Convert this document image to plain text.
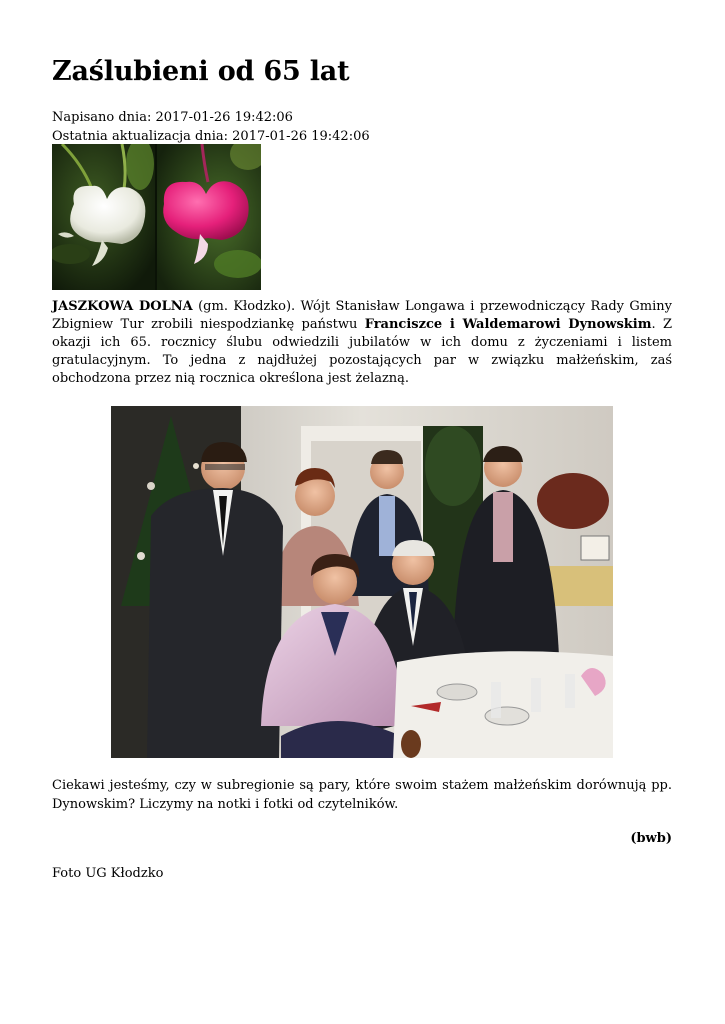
Zaślubieni od 65 lat
Napisano dnia: 2017-01-26 19:42:06
Ostatnia aktualizacja dnia: 2017-01-26 19:42:06

JASZKOWA DOLNA (gm. Kłodzko). Wójt Stanisław Longawa i przewodniczący Rady Gminy Zbigniew Tur zrobili niespodziankę państwu Franciszce i Waldemarowi Dynowskim. Z okazji ich 65. rocznicy ślubu odwiedzili jubilatów w ich domu z życzeniami i listem gratulacyjnym. To jedna z najdłużej pozostających par w związku małżeńskim, zaś obchodzona przez nią rocznica określona jest żelazną.

Ciekawi jesteśmy, czy w subregionie są pary, które swoim stażem małżeńskim dorównują pp. Dynowskim? Liczymy na notki i fotki od czytelników.

(bwb)
Foto UG Kłodzko
